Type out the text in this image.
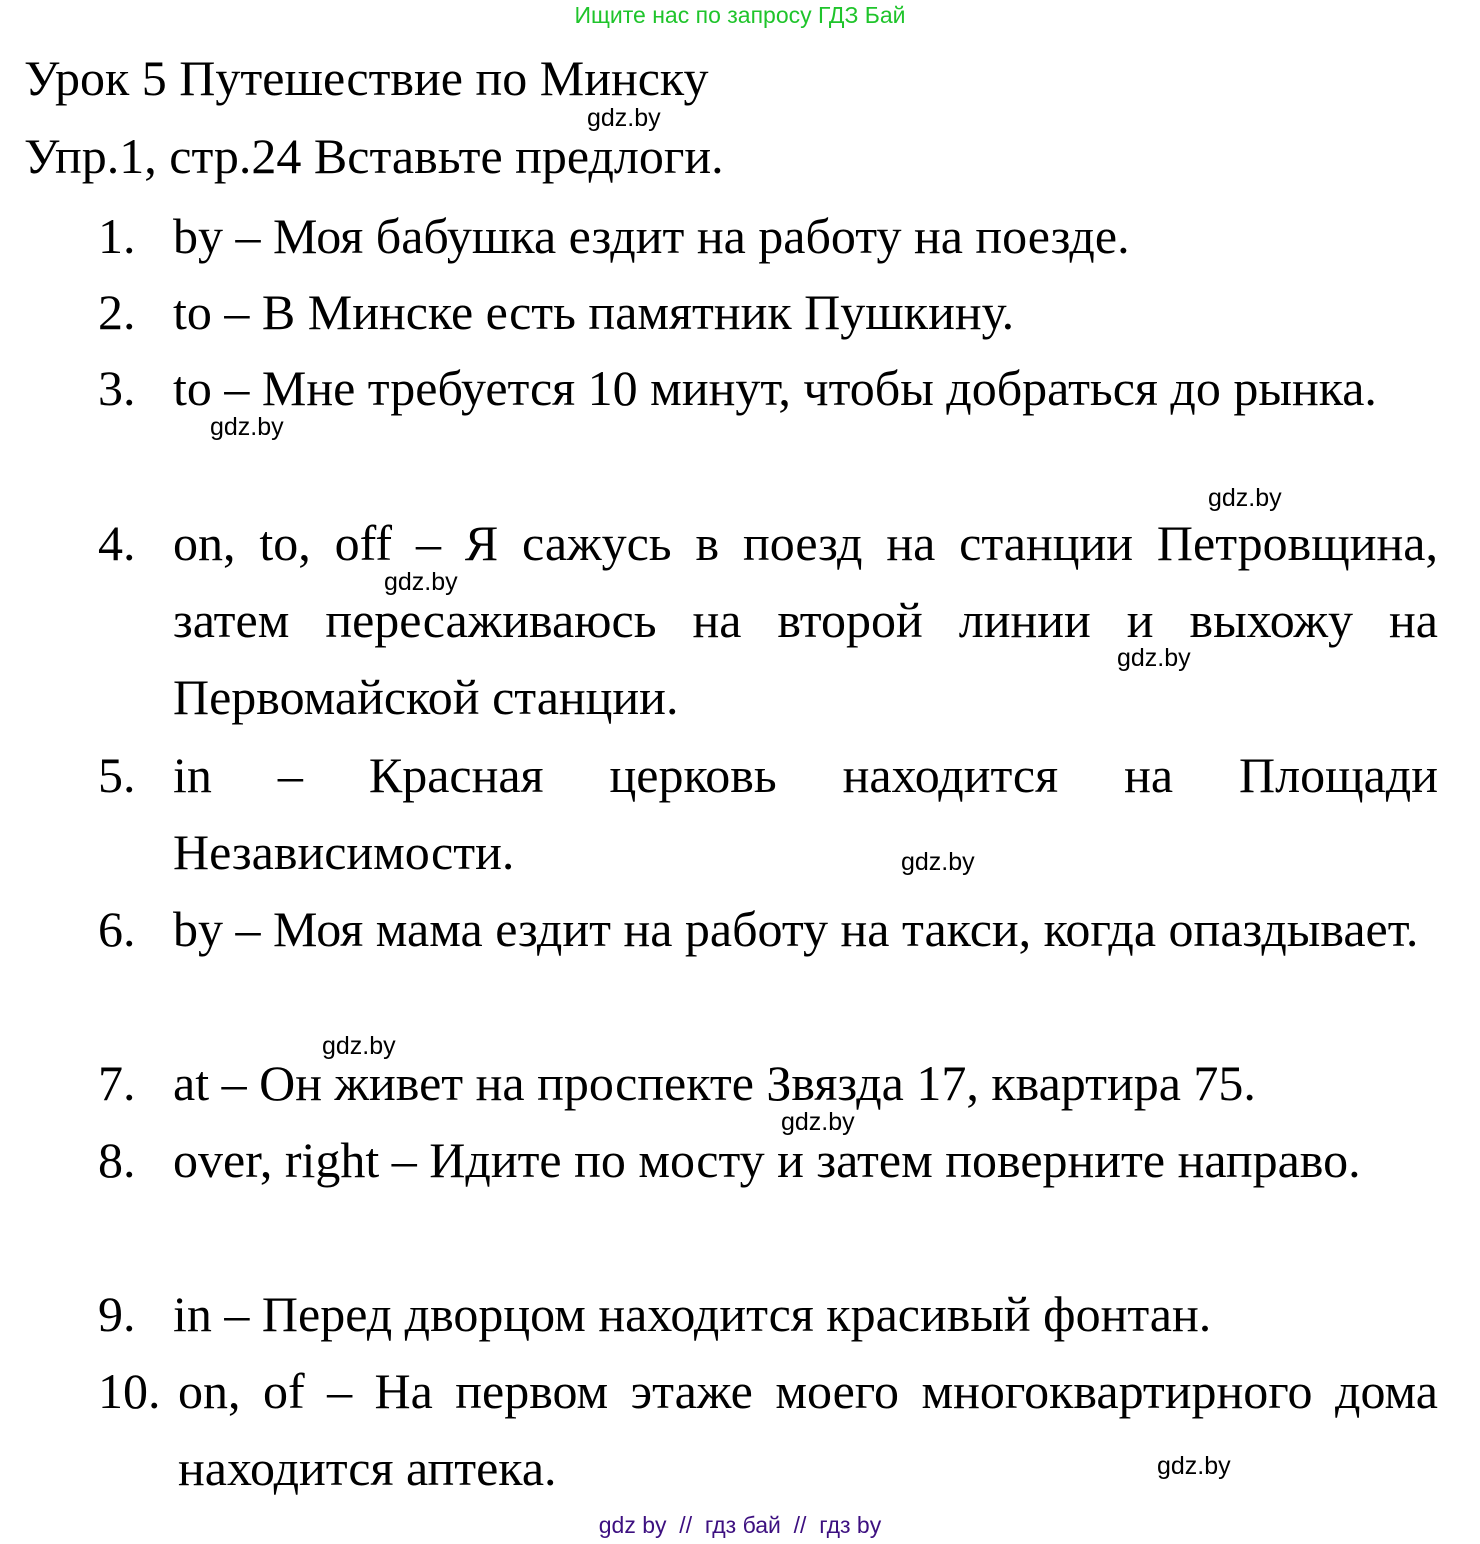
Ищите нас по запросу ГДЗ Бай
Урок 5 Путешествие по Минску
Упр.1, стр.24 Вставьте предлоги.
1. by – Моя бабушка ездит на работу на поезде.
2. to – В Минске есть памятник Пушкину.
3. to – Мне требуется 10 минут, чтобы добраться до рынка.
4. on, to, off – Я сажусь в поезд на станции Петровщина, затем пересаживаюсь на второй линии и выхожу на Первомайской станции.
5. in – Красная церковь находится на Площади Независимости.
6. by – Моя мама ездит на работу на такси, когда опаздывает.
7. at – Он живет на проспекте Звязда 17, квартира 75.
8. over, right – Идите по мосту и затем поверните направо.
9. in – Перед дворцом находится красивый фонтан.
10. on, of – На первом этаже моего многоквартирного дома находится аптека.
gdz.by
gdz.by
gdz.by
gdz.by
gdz.by
gdz.by
gdz.by
gdz.by
gdz.by
gdz by  //  гдз бай  //  гдз by
